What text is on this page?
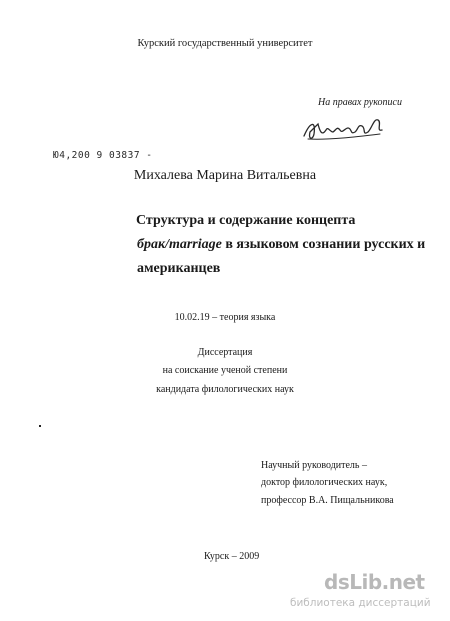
Курский государственный университет
На правах рукописи
Ю4,200 9 03837 -
Михалева Марина Витальевна
Структура и содержание концепта
брак/marriage в языковом сознании русских и
американцев
10.02.19 – теория языка
Диссертация
на соискание ученой степени
кандидата филологических наук
Научный руководитель –
доктор филологических наук,
профессор В.А. Пищальникова
Курск – 2009
dsLib.net
библиотека диссертаций
